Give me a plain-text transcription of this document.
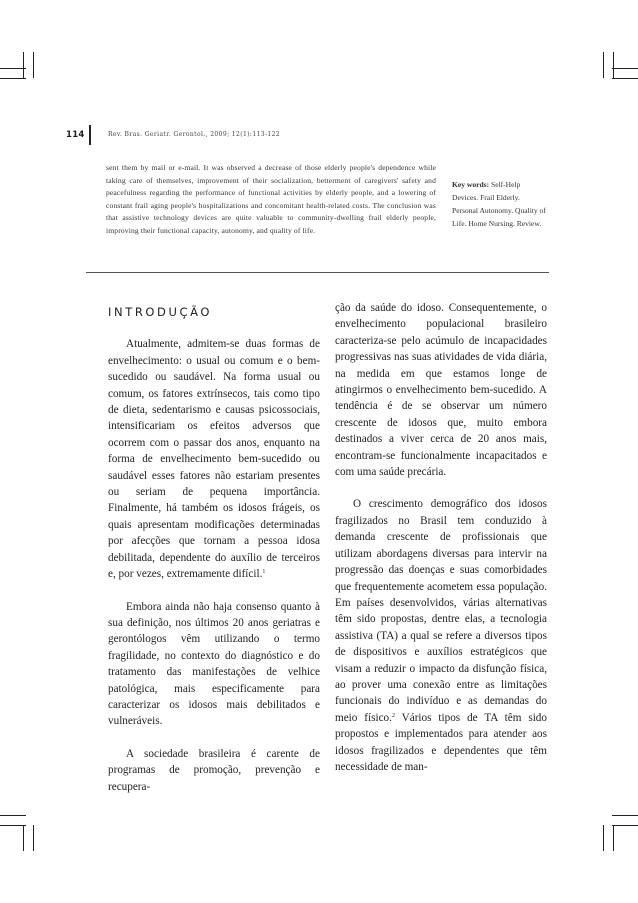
114	Rev. Bras. Geriatr. Gerontol., 2009; 12(1):113-122
sent them by mail or e-mail. It was observed a decrease of those elderly people's dependence while taking care of themselves, improvement of their socialization, betterment of caregivers' safety and peacefulness regarding the performance of functional activities by elderly people, and a lowering of constant frail aging people's hospitalizations and concomitant health-related costs. The conclusion was that assistive technology devices are quite valuable to community-dwelling frail elderly people, improving their functional capacity, autonomy, and quality of life.
Key words: Self-Help Devices. Frail Elderly. Personal Autonomy. Quality of Life. Home Nursing. Review.
INTRODUÇÃO

Atualmente, admitem-se duas formas de envelhecimento: o usual ou comum e o bem-sucedido ou saudável. Na forma usual ou comum, os fatores extrínsecos, tais como tipo de dieta, sedentarismo e causas psicossociais, intensificariam os efeitos adversos que ocorrem com o passar dos anos, enquanto na forma de envelhecimento bem-sucedido ou saudável esses fatores não estariam presentes ou seriam de pequena importância. Finalmente, há também os idosos frágeis, os quais apresentam modificações determinadas por afecções que tornam a pessoa idosa debilitada, dependente do auxílio de terceiros e, por vezes, extremamente difícil.$^1$

Embora ainda não haja consenso quanto à sua definição, nos últimos 20 anos geriatras e gerontólogos vêm utilizando o termo fragilidade, no contexto do diagnóstico e do tratamento das manifestações de velhice patológica, mais especificamente para caracterizar os idosos mais debilitados e vulneráveis.

A sociedade brasileira é carente de programas de promoção, prevenção e recupera-

ção da saúde do idoso. Consequentemente, o envelhecimento populacional brasileiro caracteriza-se pelo acúmulo de incapacidades progressivas nas suas atividades de vida diária, na medida em que estamos longe de atingirmos o envelhecimento bem-sucedido. A tendência é de se observar um número crescente de idosos que, muito embora destinados a viver cerca de 20 anos mais, encontram-se funcionalmente incapacitados e com uma saúde precária.

O crescimento demográfico dos idosos fragilizados no Brasil tem conduzido à demanda crescente de profissionais que utilizam abordagens diversas para intervir na progressão das doenças e suas comorbidades que frequentemente acometem essa população. Em países desenvolvidos, várias alternativas têm sido propostas, dentre elas, a tecnologia assistiva (TA) a qual se refere a diversos tipos de dispositivos e auxílios estratégicos que visam a reduzir o impacto da disfunção física, ao prover uma conexão entre as limitações funcionais do indivíduo e as demandas do meio físico.$^2$ Vários tipos de TA têm sido propostos e implementados para atender aos idosos fragilizados e dependentes que têm necessidade de man-
